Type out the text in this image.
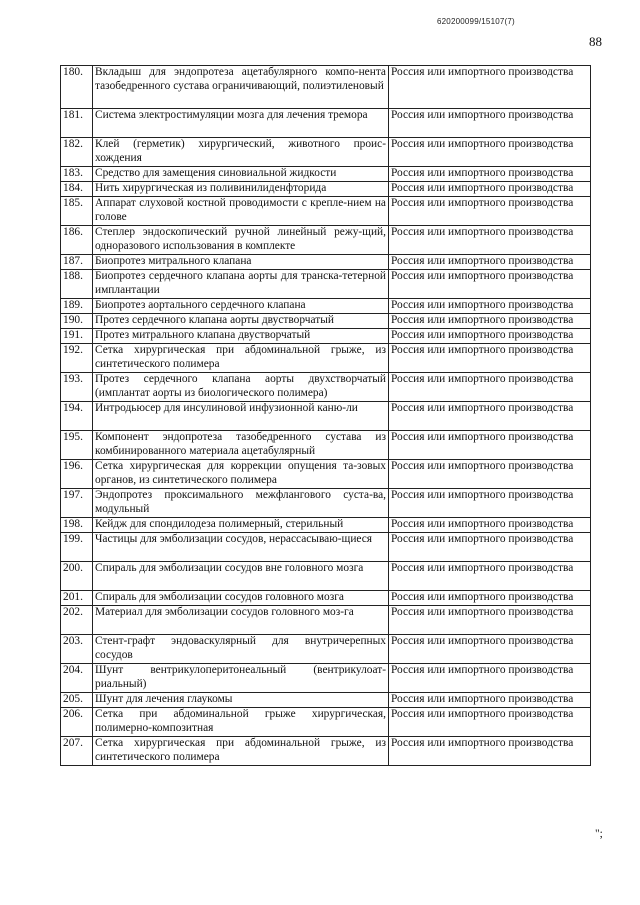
620200099/15107(7)
88
180.	Вкладыш для эндопротеза ацетабулярного компо-нента тазобедренного сустава ограничивающий, полиэтиленовый	Россия или импортного производства
181.	Система электростимуляции мозга для лечения тремора	Россия или импортного производства
182.	Клей (герметик) хирургический, животного проис-хождения	Россия или импортного производства
183.	Средство для замещения синовиальной жидкости	Россия или импортного производства
184.	Нить хирургическая из поливинилиденфторида	Россия или импортного производства
185.	Аппарат слуховой костной проводимости с крепле-нием на голове	Россия или импортного производства
186.	Степлер эндоскопический ручной линейный режу-щий, одноразового использования в комплекте	Россия или импортного производства
187.	Биопротез митрального клапана	Россия или импортного производства
188.	Биопротез сердечного клапана аорты для транска-тетерной имплантации	Россия или импортного производства
189.	Биопротез аортального сердечного клапана	Россия или импортного производства
190.	Протез сердечного клапана аорты двустворчатый	Россия или импортного производства
191.	Протез митрального клапана двустворчатый	Россия или импортного производства
192.	Сетка хирургическая при абдоминальной грыже, из синтетического полимера	Россия или импортного производства
193.	Протез сердечного клапана аорты двухстворчатый (имплантат аорты из биологического полимера)	Россия или импортного производства
194.	Интродьюсер для инсулиновой инфузионной каню-ли	Россия или импортного производства
195.	Компонент эндопротеза тазобедренного сустава из комбинированного материала ацетабулярный	Россия или импортного производства
196.	Сетка хирургическая для коррекции опущения та-зовых органов, из синтетического полимера	Россия или импортного производства
197.	Эндопротез проксимального межфлангового суста-ва, модульный	Россия или импортного производства
198.	Кейдж для спондилодеза полимерный, стерильный	Россия или импортного производства
199.	Частицы для эмболизации сосудов, нерассасываю-щиеся	Россия или импортного производства
200.	Спираль для эмболизации сосудов вне головного мозга	Россия или импортного производства
201.	Спираль для эмболизации сосудов головного мозга	Россия или импортного производства
202.	Материал для эмболизации сосудов головного моз-га	Россия или импортного производства
203.	Стент-графт эндоваскулярный для внутричерепных сосудов	Россия или импортного производства
204.	Шунт вентрикулоперитонеальный (вентрикулоат-риальный)	Россия или импортного производства
205.	Шунт для лечения глаукомы	Россия или импортного производства
206.	Сетка при абдоминальной грыже хирургическая, полимерно-композитная	Россия или импортного производства
207.	Сетка хирургическая при абдоминальной грыже, из синтетического полимера	Россия или импортного производства
";
